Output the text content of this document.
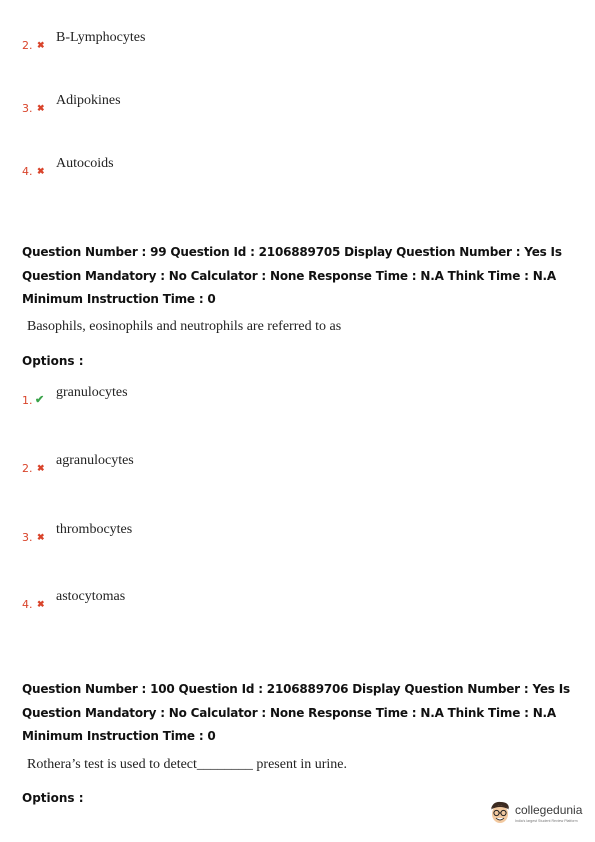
2. ✖ B-Lymphocytes
3. ✖ Adipokines
4. ✖ Autocoids
Question Number : 99 Question Id : 2106889705 Display Question Number : Yes Is Question Mandatory : No Calculator : None Response Time : N.A Think Time : N.A Minimum Instruction Time : 0
Basophils, eosinophils and neutrophils are referred to as
Options :
1. ✔ granulocytes
2. ✖ agranulocytes
3. ✖ thrombocytes
4. ✖ astocytomas
Question Number : 100 Question Id : 2106889706 Display Question Number : Yes Is Question Mandatory : No Calculator : None Response Time : N.A Think Time : N.A Minimum Instruction Time : 0
Rothera’s test is used to detect________ present in urine.
Options :
collegedunia
India's largest Student Review Platform
